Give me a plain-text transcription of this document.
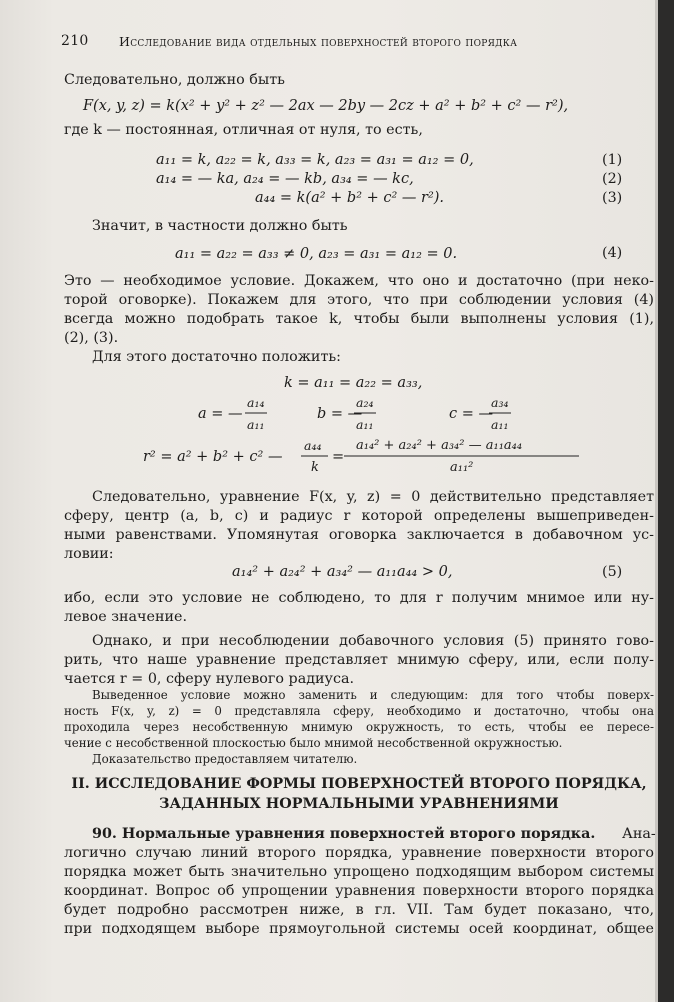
210 Исследование вида отдельных поверхностей второго порядка
Следовательно, должно быть
F(x, y, z) = k(x² + y² + z² — 2ax — 2by — 2cz + a² + b² + c² — r²),
где k — постоянная, отличная от нуля, то есть,
a₁₁ = k, a₂₂ = k, a₃₃ = k, a₂₃ = a₃₁ = a₁₂ = 0,	(1)
a₁₄ = — ka, a₂₄ = — kb, a₃₄ = — kc,	(2)
a₄₄ = k(a² + b² + c² — r²).	(3)
Значит, в частности должно быть
a₁₁ = a₂₂ = a₃₃ ≠ 0, a₂₃ = a₃₁ = a₁₂ = 0.	(4)
Это — необходимое условие. Докажем, что оно и достаточно (при неко-
торой оговорке). Покажем для этого, что при соблюдении условия (4)
всегда можно подобрать такое k, чтобы были выполнены условия (1),
(2), (3).
Для этого достаточно положить:
k = a₁₁ = a₂₂ = a₃₃,
a = —
a₁₄
a₁₁
b = —
a₂₄
a₁₁
c = —
a₃₄
a₁₁
r² = a² + b² + c² —
a₄₄
k
=
a₁₄² + a₂₄² + a₃₄² — a₁₁a₄₄
a₁₁²
Следовательно, уравнение F(x, y, z) = 0 действительно представляет
сферу, центр (a, b, c) и радиус r которой определены вышеприведен-
ными равенствами. Упомянутая оговорка заключается в добавочном ус-
ловии:
a₁₄² + a₂₄² + a₃₄² — a₁₁a₄₄ > 0,	(5)
ибо, если это условие не соблюдено, то для r получим мнимое или ну-
левое значение.
Однако, и при несоблюдении добавочного условия (5) принято гово-
рить, что наше уравнение представляет мнимую сферу, или, если полу-
чается r = 0, сферу нулевого радиуса.
Выведенное условие можно заменить и следующим: для того чтобы поверх-
ность F(x, y, z) = 0 представляла сферу, необходимо и достаточно, чтобы она
проходила через несобственную мнимую окружность, то есть, чтобы ее пересе-
чение с несобственной плоскостью было мнимой несобственной окружностью.
Доказательство предоставляем читателю.
II. ИССЛЕДОВАНИЕ ФОРМЫ ПОВЕРХНОСТЕЙ ВТОРОГО ПОРЯДКА,
ЗАДАННЫХ НОРМАЛЬНЫМИ УРАВНЕНИЯМИ
90. Нормальные уравнения поверхностей второго порядка. Ана-
логично случаю линий второго порядка, уравнение поверхности второго
порядка может быть значительно упрощено подходящим выбором системы
координат. Вопрос об упрощении уравнения поверхности второго порядка
будет подробно рассмотрен ниже, в гл. VII. Там будет показано, что,
при подходящем выборе прямоугольной системы осей координат, общее
